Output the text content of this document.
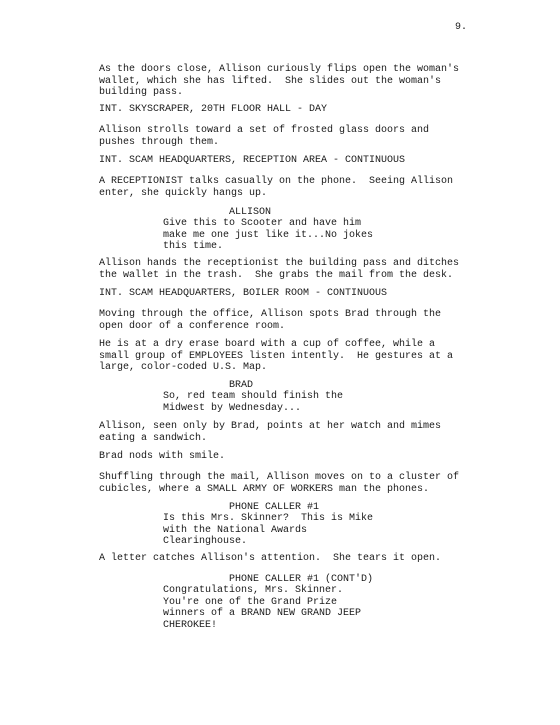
9.
As the doors close, Allison curiously flips open the woman's
wallet, which she has lifted.  She slides out the woman's
building pass.
INT. SKYSCRAPER, 20TH FLOOR HALL - DAY
Allison strolls toward a set of frosted glass doors and
pushes through them.
INT. SCAM HEADQUARTERS, RECEPTION AREA - CONTINUOUS
A RECEPTIONIST talks casually on the phone.  Seeing Allison
enter, she quickly hangs up.
ALLISON
Give this to Scooter and have him
make me one just like it...No jokes
this time.
Allison hands the receptionist the building pass and ditches
the wallet in the trash.  She grabs the mail from the desk.
INT. SCAM HEADQUARTERS, BOILER ROOM - CONTINUOUS
Moving through the office, Allison spots Brad through the
open door of a conference room.
He is at a dry erase board with a cup of coffee, while a
small group of EMPLOYEES listen intently.  He gestures at a
large, color-coded U.S. Map.
BRAD
So, red team should finish the
Midwest by Wednesday...
Allison, seen only by Brad, points at her watch and mimes
eating a sandwich.
Brad nods with smile.
Shuffling through the mail, Allison moves on to a cluster of
cubicles, where a SMALL ARMY OF WORKERS man the phones.
PHONE CALLER #1
Is this Mrs. Skinner?  This is Mike
with the National Awards
Clearinghouse.
A letter catches Allison's attention.  She tears it open.
PHONE CALLER #1 (CONT'D)
Congratulations, Mrs. Skinner.
You're one of the Grand Prize
winners of a BRAND NEW GRAND JEEP
CHEROKEE!
